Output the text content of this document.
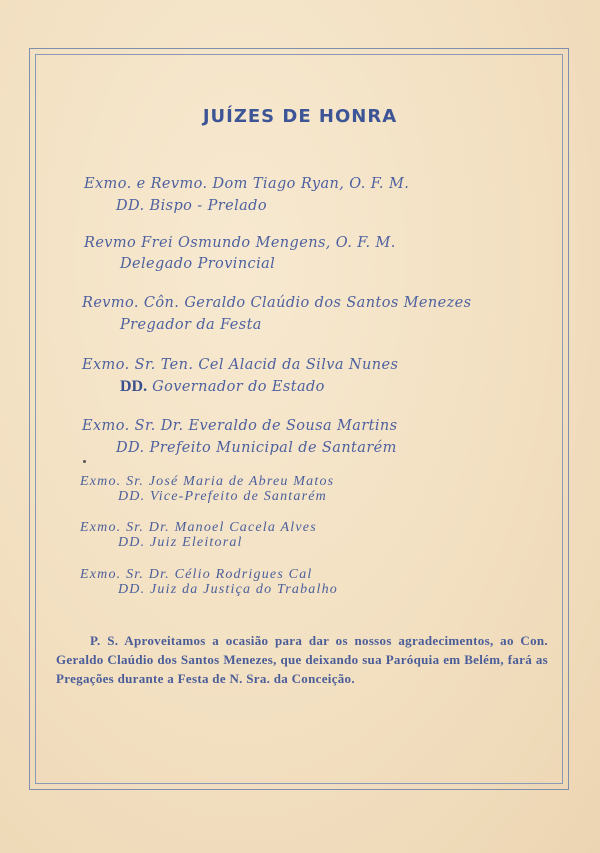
JUÍZES DE HONRA
Exmo. e Revmo. Dom Tiago Ryan, O. F. M.
DD. Bispo - Prelado
Revmo Frei Osmundo Mengens, O. F. M.
Delegado Provincial
Revmo. Côn. Geraldo Claúdio dos Santos Menezes
Pregador da Festa
Exmo. Sr. Ten. Cel Alacid da Silva Nunes
DD. Governador do Estado
Exmo. Sr. Dr. Everaldo de Sousa Martins
DD. Prefeito Municipal de Santarém
Exmo. Sr. José Maria de Abreu Matos
DD. Vice-Prefeito de Santarém
Exmo. Sr. Dr. Manoel Cacela Alves
DD. Juiz Eleitoral
Exmo. Sr. Dr. Célio Rodrigues Cal
DD. Juiz da Justiça do Trabalho
P. S. Aproveitamos a ocasião para dar os nossos agradecimentos, ao Con. Geraldo Claúdio dos Santos Menezes, que deixando sua Paróquia em Belém, fará as Pregações durante a Festa de N. Sra. da Conceição.
